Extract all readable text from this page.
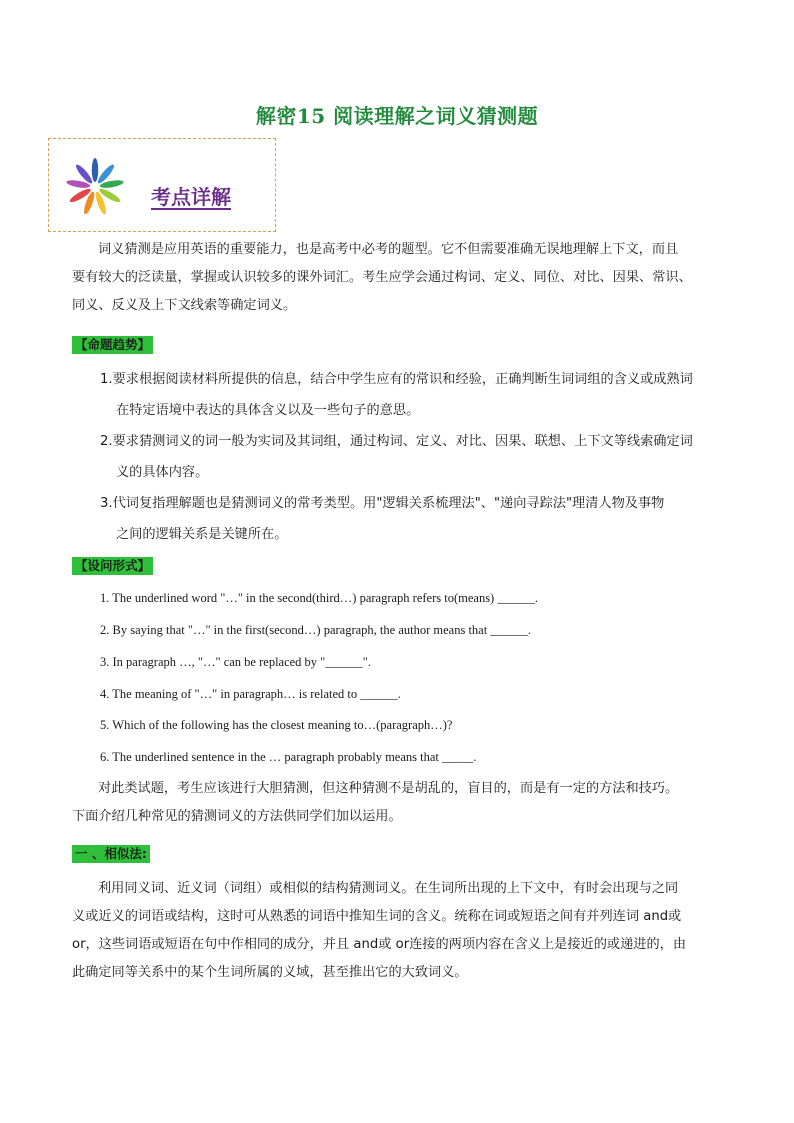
解密15 阅读理解之词义猜测题
考点详解
词义猜测是应用英语的重要能力，也是高考中必考的题型。它不但需要准确无误地理解上下文，而且
要有较大的泛读量，掌握或认识较多的课外词汇。考生应学会通过构词、定义、同位、对比、因果、常识、
同义、反义及上下文线索等确定词义。
【命题趋势】
1.要求根据阅读材料所提供的信息，结合中学生应有的常识和经验，正确判断生词词组的含义或成熟词
在特定语境中表达的具体含义以及一些句子的意思。
2.要求猜测词义的词一般为实词及其词组，通过构词、定义、对比、因果、联想、上下文等线索确定词
义的具体内容。
3.代词复指理解题也是猜测词义的常考类型。用"逻辑关系梳理法"、"递向寻踪法"理清人物及事物
之间的逻辑关系是关键所在。
【设问形式】
1. The underlined word "…" in the second(third…) paragraph refers to(means) ______.
2. By saying that "…" in the first(second…) paragraph, the author means that ______.
3. In paragraph …, "…" can be replaced by "______".
4. The meaning of "…" in paragraph… is related to ______.
5. Which of the following has the closest meaning to…(paragraph…)?
6. The underlined sentence in the … paragraph probably means that _____.
对此类试题，考生应该进行大胆猜测，但这种猜测不是胡乱的，盲目的，而是有一定的方法和技巧。
下面介绍几种常见的猜测词义的方法供同学们加以运用。
一 、相似法:
利用同义词、近义词（词组）或相似的结构猜测词义。在生词所出现的上下文中，有时会出现与之同
义或近义的词语或结构，这时可从熟悉的词语中推知生词的含义。统称在词或短语之间有并列连词 and或
or，这些词语或短语在句中作相同的成分，并且 and或 or连接的两项内容在含义上是接近的或递进的，由
此确定同等关系中的某个生词所属的义域，甚至推出它的大致词义。
